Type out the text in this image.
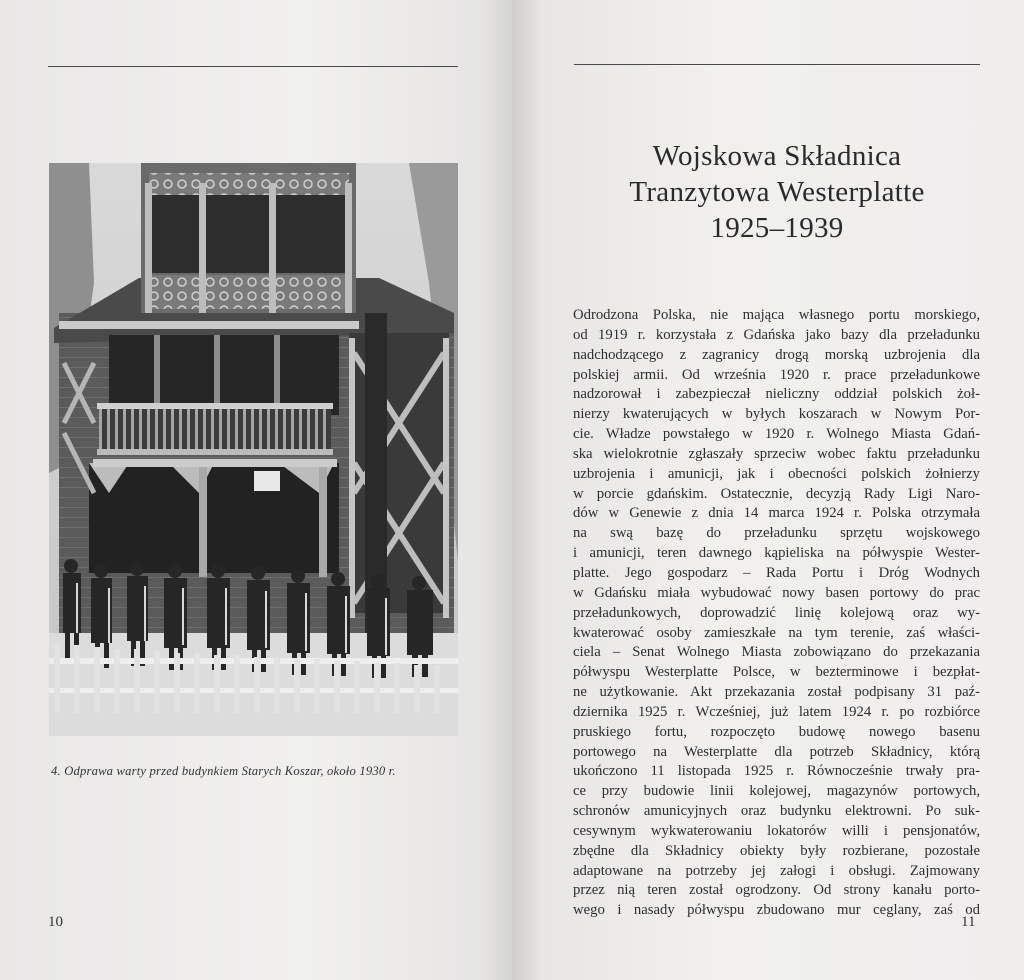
4. Odprawa warty przed budynkiem Starych Koszar, około 1930 r.
10
Wojskowa Składnica
Tranzytowa Westerplatte
1925–1939
Odrodzona Polska, nie mająca własnego portu morskiego,
od 1919 r. korzystała z Gdańska jako bazy dla przeładunku
nadchodzącego z zagranicy drogą morską uzbrojenia dla
polskiej armii. Od września 1920 r. prace przeładunkowe
nadzorował i zabezpieczał nieliczny oddział polskich żoł-
nierzy kwaterujących w byłych koszarach w Nowym Por-
cie. Władze powstałego w 1920 r. Wolnego Miasta Gdań-
ska wielokrotnie zgłaszały sprzeciw wobec faktu przeładunku
uzbrojenia i amunicji, jak i obecności polskich żołnierzy
w porcie gdańskim. Ostatecznie, decyzją Rady Ligi Naro-
dów w Genewie z dnia 14 marca 1924 r. Polska otrzymała
na swą bazę do przeładunku sprzętu wojskowego
i amunicji, teren dawnego kąpieliska na półwyspie Wester-
platte. Jego gospodarz – Rada Portu i Dróg Wodnych
w Gdańsku miała wybudować nowy basen portowy do prac
przeładunkowych, doprowadzić linię kolejową oraz wy-
kwaterować osoby zamieszkałe na tym terenie, zaś właści-
ciela – Senat Wolnego Miasta zobowiązano do przekazania
półwyspu Westerplatte Polsce, w bezterminowe i bezpłat-
ne użytkowanie. Akt przekazania został podpisany 31 paź-
dziernika 1925 r. Wcześniej, już latem 1924 r. po rozbiórce
pruskiego fortu, rozpoczęto budowę nowego basenu
portowego na Westerplatte dla potrzeb Składnicy, którą
ukończono 11 listopada 1925 r. Równocześnie trwały pra-
ce przy budowie linii kolejowej, magazynów portowych,
schronów amunicyjnych oraz budynku elektrowni. Po suk-
cesywnym wykwaterowaniu lokatorów willi i pensjonatów,
zbędne dla Składnicy obiekty były rozbierane, pozostałe
adaptowane na potrzeby jej załogi i obsługi. Zajmowany
przez nią teren został ogrodzony. Od strony kanału porto-
wego i nasady półwyspu zbudowano mur ceglany, zaś od
11
